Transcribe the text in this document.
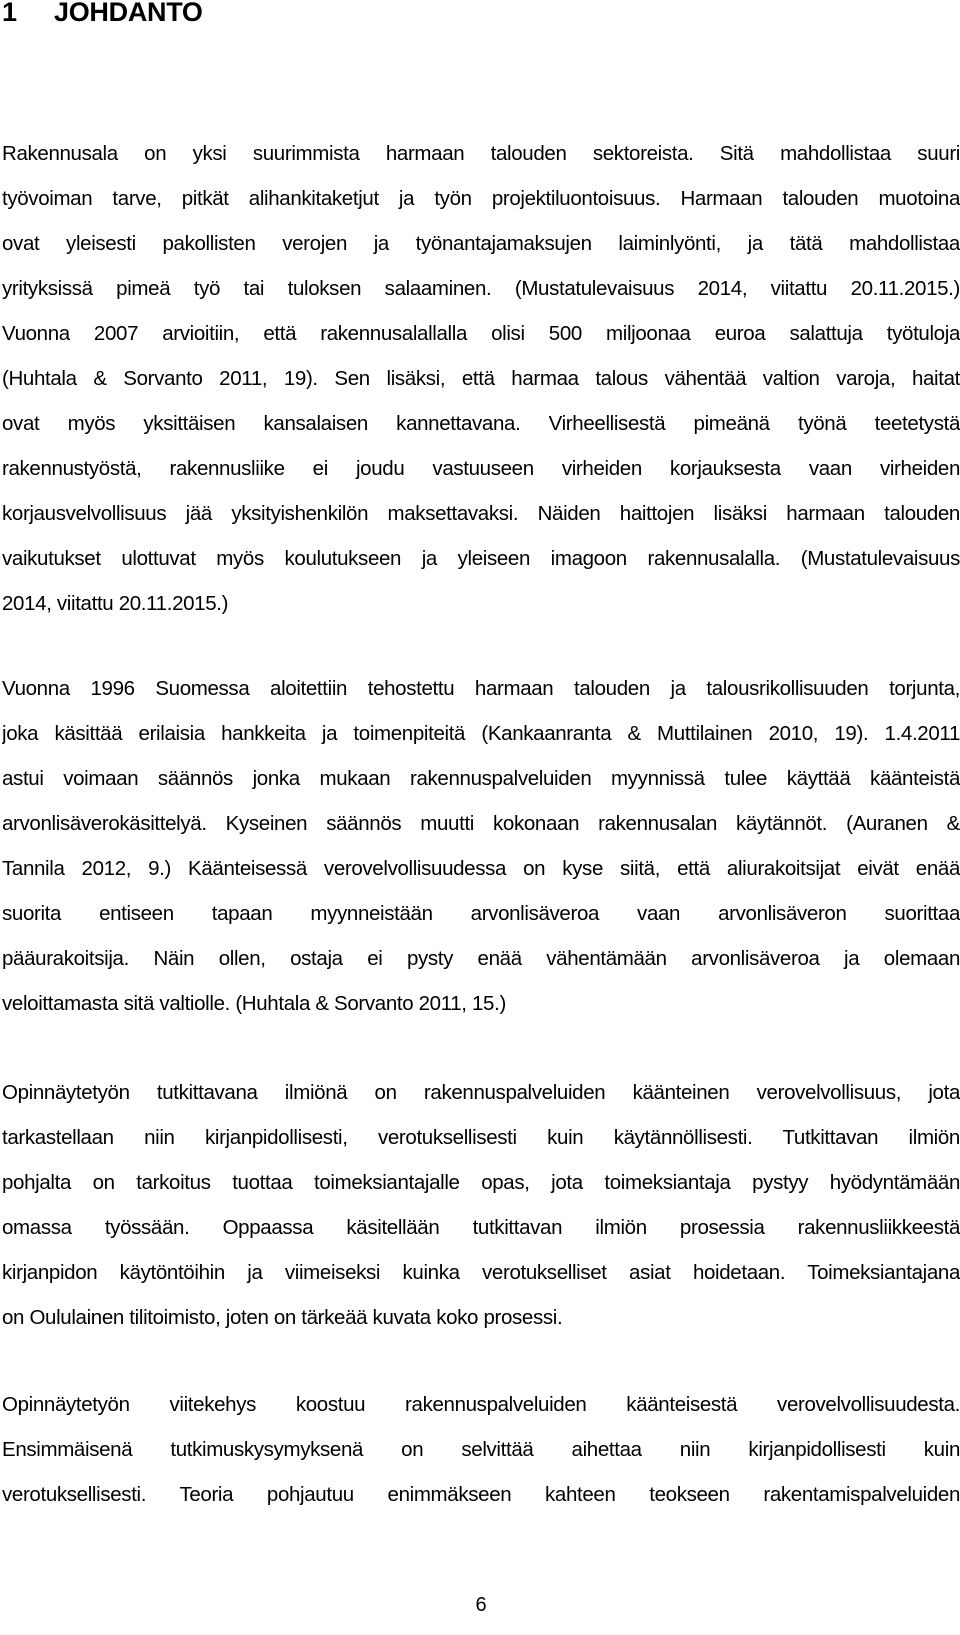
1 JOHDANTO
Rakennusala on yksi suurimmista harmaan talouden sektoreista. Sitä mahdollistaa suuri
työvoiman tarve, pitkät alihankitaketjut ja työn projektiluontoisuus. Harmaan talouden muotoina
ovat yleisesti pakollisten verojen ja työnantajamaksujen laiminlyönti, ja tätä mahdollistaa
yrityksissä pimeä työ tai tuloksen salaaminen. (Mustatulevaisuus 2014, viitattu 20.11.2015.)
Vuonna 2007 arvioitiin, että rakennusalallalla olisi 500 miljoonaa euroa salattuja työtuloja
(Huhtala & Sorvanto 2011, 19). Sen lisäksi, että harmaa talous vähentää valtion varoja, haitat
ovat myös yksittäisen kansalaisen kannettavana. Virheellisestä pimeänä työnä teetetystä
rakennustyöstä, rakennusliike ei joudu vastuuseen virheiden korjauksesta vaan virheiden
korjausvelvollisuus jää yksityishenkilön maksettavaksi. Näiden haittojen lisäksi harmaan talouden
vaikutukset ulottuvat myös koulutukseen ja yleiseen imagoon rakennusalalla. (Mustatulevaisuus
2014, viitattu 20.11.2015.)
Vuonna 1996 Suomessa aloitettiin tehostettu harmaan talouden ja talousrikollisuuden torjunta,
joka käsittää erilaisia hankkeita ja toimenpiteitä (Kankaanranta & Muttilainen 2010, 19). 1.4.2011
astui voimaan säännös jonka mukaan rakennuspalveluiden myynnissä tulee käyttää käänteistä
arvonlisäverokäsittelyä. Kyseinen säännös muutti kokonaan rakennusalan käytännöt. (Auranen &
Tannila 2012, 9.) Käänteisessä verovelvollisuudessa on kyse siitä, että aliurakoitsijat eivät enää
suorita entiseen tapaan myynneistään arvonlisäveroa vaan arvonlisäveron suorittaa
pääurakoitsija. Näin ollen, ostaja ei pysty enää vähentämään arvonlisäveroa ja olemaan
veloittamasta sitä valtiolle. (Huhtala & Sorvanto 2011, 15.)
Opinnäytetyön tutkittavana ilmiönä on rakennuspalveluiden käänteinen verovelvollisuus, jota
tarkastellaan niin kirjanpidollisesti, verotuksellisesti kuin käytännöllisesti. Tutkittavan ilmiön
pohjalta on tarkoitus tuottaa toimeksiantajalle opas, jota toimeksiantaja pystyy hyödyntämään
omassa työssään. Oppaassa käsitellään tutkittavan ilmiön prosessia rakennusliikkeestä
kirjanpidon käytöntöihin ja viimeiseksi kuinka verotukselliset asiat hoidetaan. Toimeksiantajana
on Oululainen tilitoimisto, joten on tärkeää kuvata koko prosessi.
Opinnäytetyön viitekehys koostuu rakennuspalveluiden käänteisestä verovelvollisuudesta.
Ensimmäisenä tutkimuskysymyksenä on selvittää aihettaa niin kirjanpidollisesti kuin
verotuksellisesti. Teoria pohjautuu enimmäkseen kahteen teokseen rakentamispalveluiden
6
